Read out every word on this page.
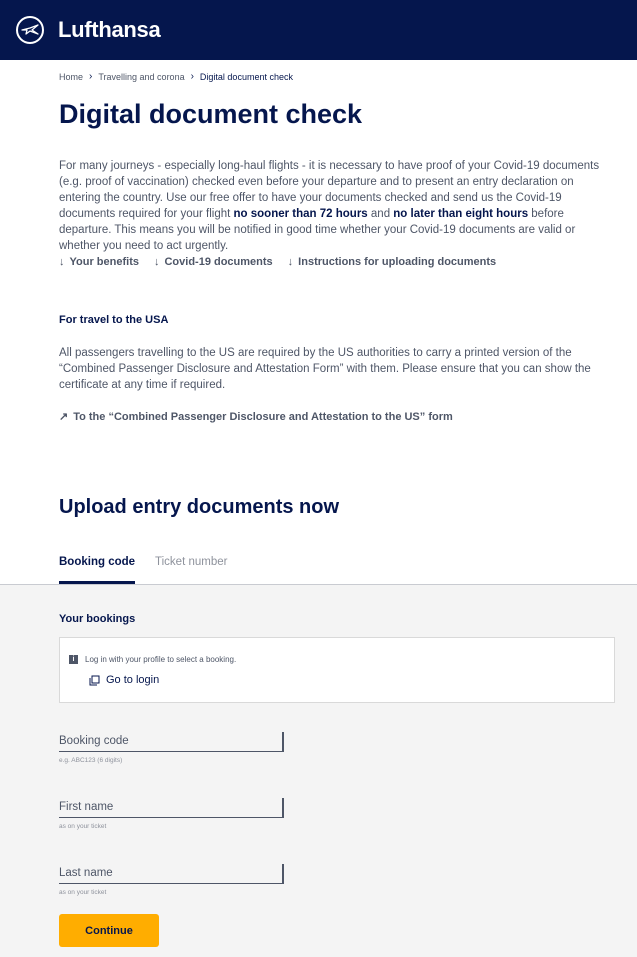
Lufthansa
Home › Travelling and corona › Digital document check
Digital document check

For many journeys - especially long-haul flights - it is necessary to have proof of your Covid-19 documents (e.g. proof of vaccination) checked even before your departure and to present an entry declaration on entering the country. Use our free offer to have your documents checked and send us the Covid-19 documents required for your flight no sooner than 72 hours and no later than eight hours before departure. This means you will be notified in good time whether your Covid-19 documents are valid or whether you need to act urgently.

↓ Your benefits ↓ Covid-19 documents ↓ Instructions for uploading documents
For travel to the USA

All passengers travelling to the US are required by the US authorities to carry a printed version of the “Combined Passenger Disclosure and Attestation Form” with them. Please ensure that you can show the certificate at any time if required.

↗ To the “Combined Passenger Disclosure and Attestation to the US” form
Upload entry documents now
Booking code Ticket number
Your bookings
i	Log in with your profile to select a booking.
Go to login
Booking code
e.g. ABC123 (6 digits)
First name
as on your ticket
Last name
as on your ticket
Continue
